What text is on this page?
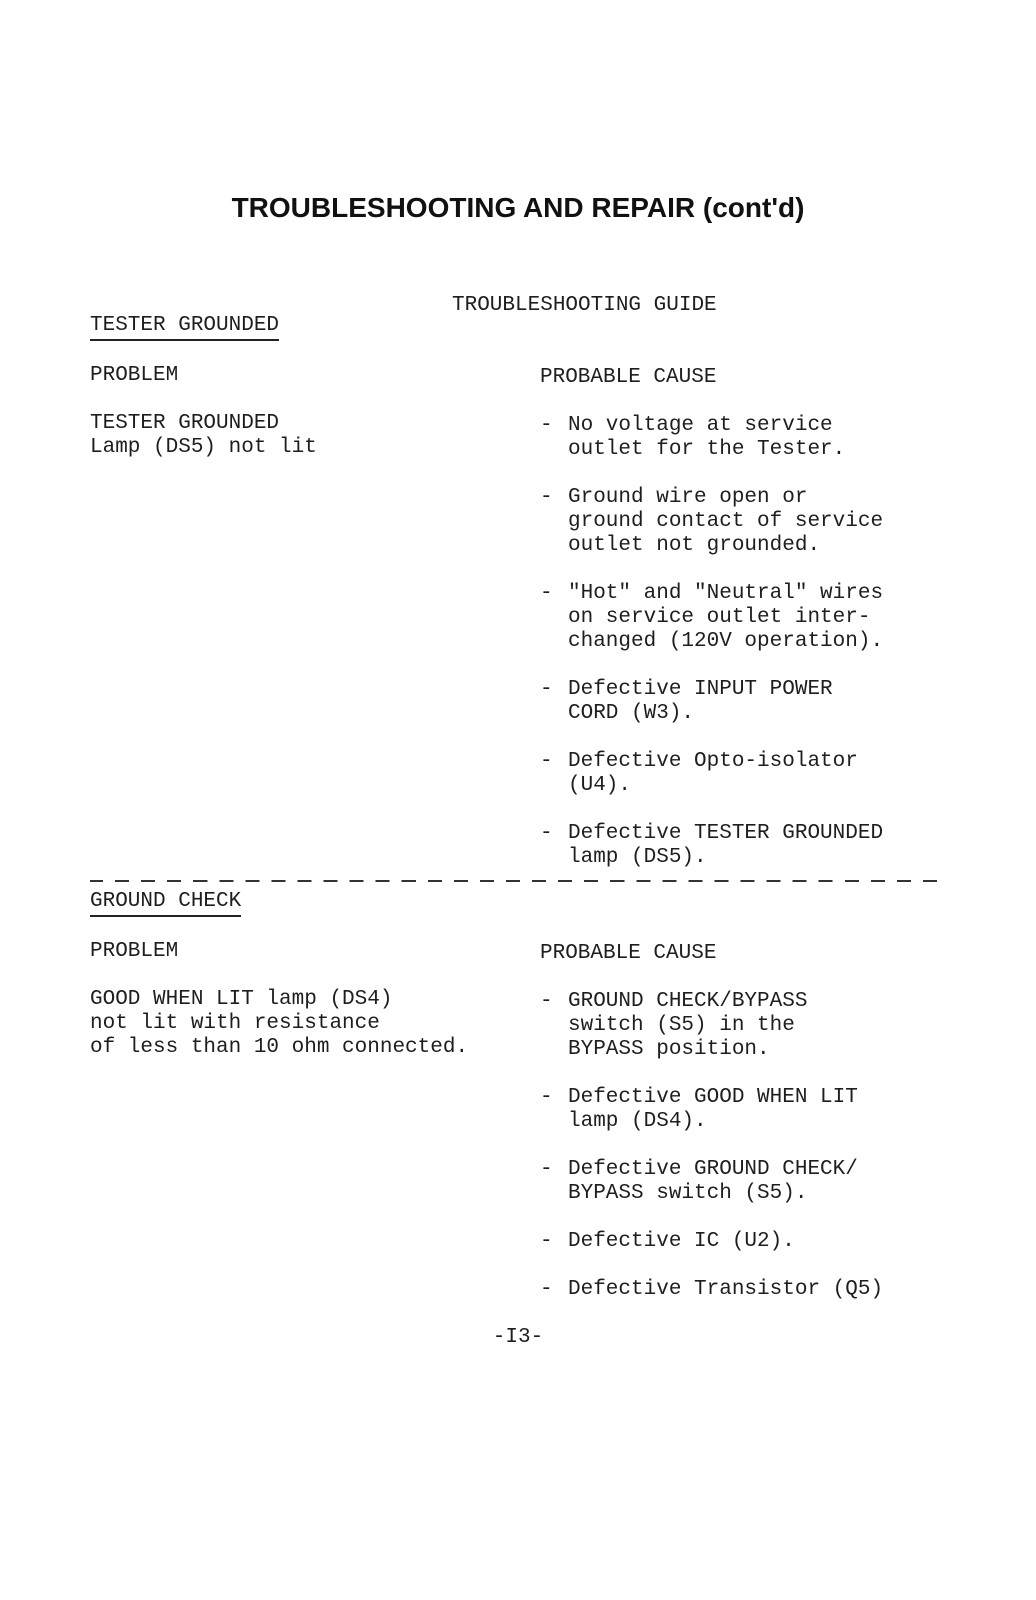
TROUBLESHOOTING AND REPAIR (cont'd)
TROUBLESHOOTING GUIDE
TESTER GROUNDED
PROBLEM	PROBABLE CAUSE
TESTER GROUNDED
Lamp (DS5) not lit
- No voltage at service
outlet for the Tester.
- Ground wire open or
ground contact of service
outlet not grounded.
- "Hot" and "Neutral" wires
on service outlet inter-
changed (120V operation).
- Defective INPUT POWER
CORD (W3).
- Defective Opto-isolator
(U4).
- Defective TESTER GROUNDED
lamp (DS5).
GROUND CHECK
PROBLEM	PROBABLE CAUSE
GOOD WHEN LIT lamp (DS4)
not lit with resistance
of less than 10 ohm connected.
- GROUND CHECK/BYPASS
switch (S5) in the
BYPASS position.
- Defective GOOD WHEN LIT
lamp (DS4).
- Defective GROUND CHECK/
BYPASS switch (S5).
- Defective IC (U2).
- Defective Transistor (Q5)
-I3-
